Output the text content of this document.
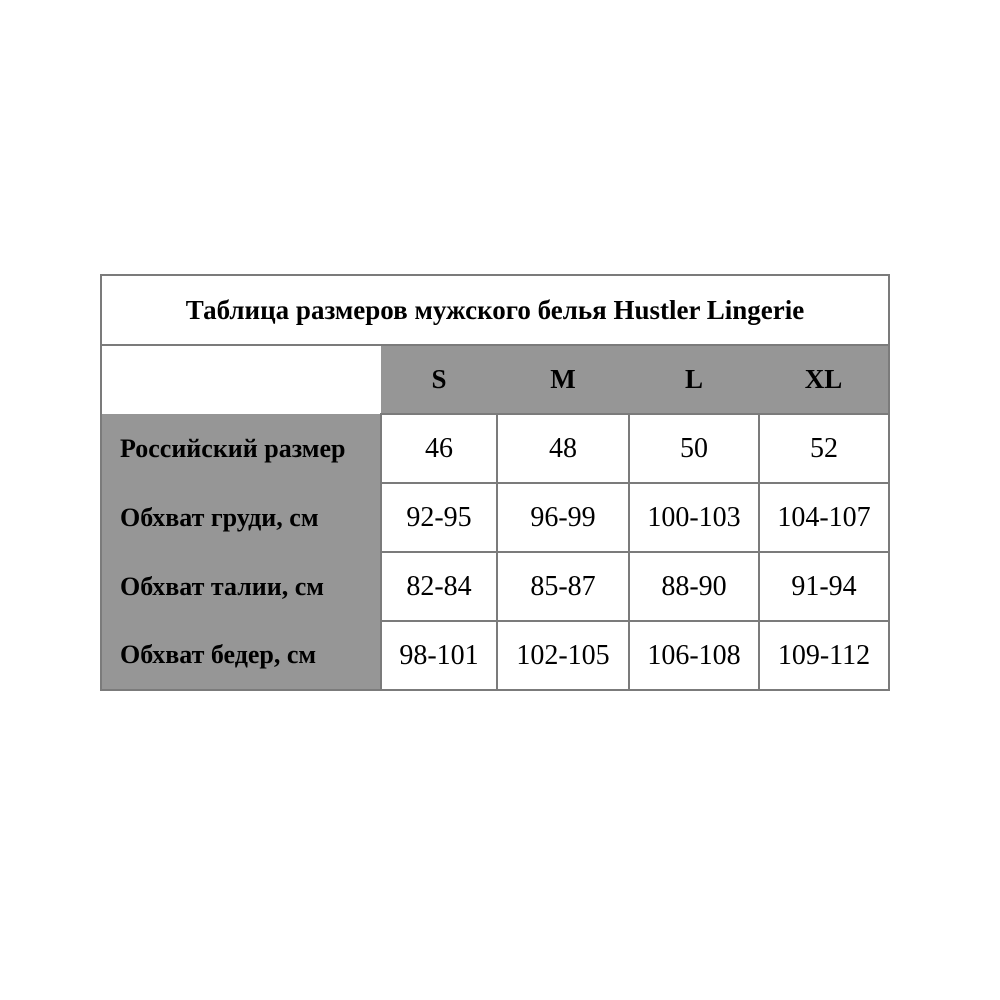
Таблица размеров мужского белья Hustler Lingerie				
	S	M	L	XL
Российский размер	46	48	50	52
Обхват груди, см	92-95	96-99	100-103	104-107
Обхват талии, см	82-84	85-87	88-90	91-94
Обхват бедер, см	98-101	102-105	106-108	109-112
